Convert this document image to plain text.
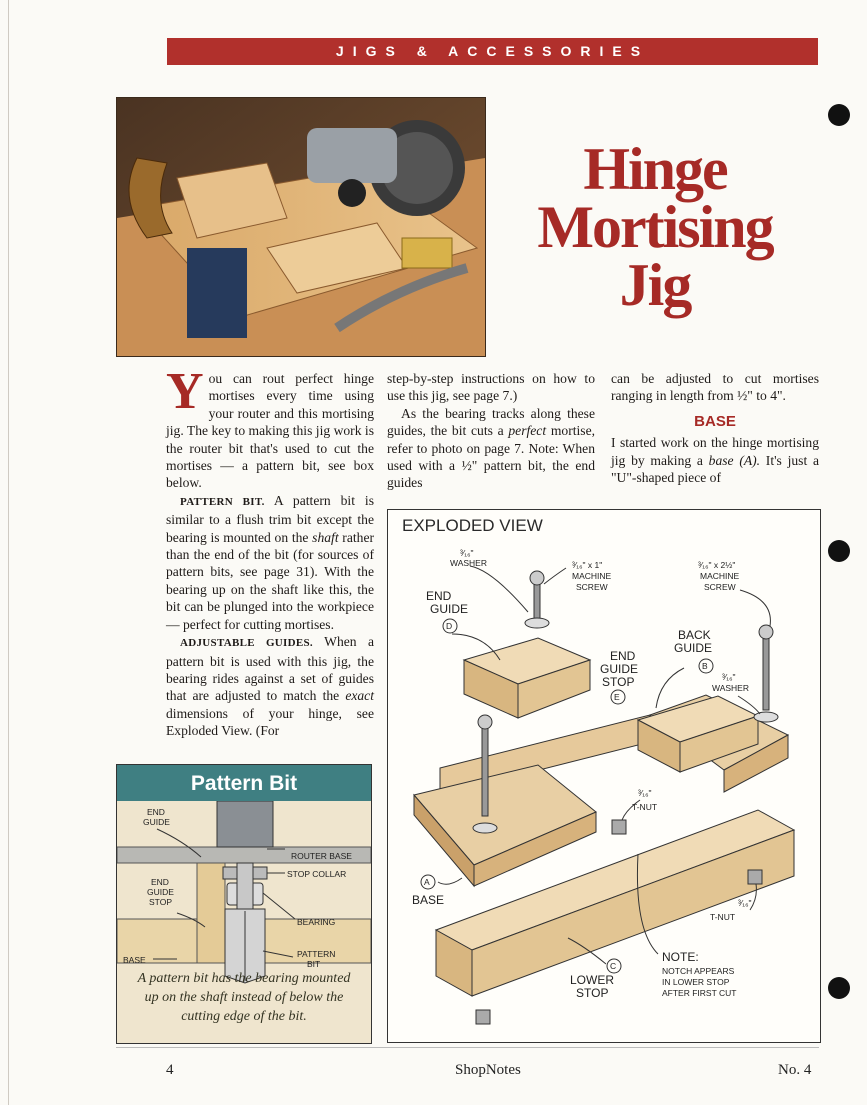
JIGS & ACCESSORIES
Hinge
Mortising
Jig

You can rout perfect hinge mortises every time using your router and this mortising jig. The key to making this jig work is the router bit that's used to cut the mortises — a pattern bit, see box below.

PATTERN BIT. A pattern bit is similar to a flush trim bit except the bearing is mounted on the shaft rather than the end of the bit (for sources of pattern bits, see page 31). With the bearing up on the shaft like this, the bit can be plunged into the workpiece — perfect for cutting mortises.

ADJUSTABLE GUIDES. When a pattern bit is used with this jig, the bearing rides against a set of guides that are adjusted to match the exact dimensions of your hinge, see Exploded View. (For

step-by-step instructions on how to use this jig, see page 7.)

As the bearing tracks along these guides, the bit cuts a perfect mortise, refer to photo on page 7. Note: When used with a ½" pattern bit, the end guides

can be adjusted to cut mortises ranging in length from ½" to 4".

BASE

I started work on the hinge mortising jig by making a base (A). It's just a "U"-shaped piece of

Pattern Bit
END
GUIDE
ROUTER BASE
STOP COLLAR
END
GUIDE
STOP
BEARING
BASE
PATTERN
BIT
A pattern bit has the bearing mounted up on the shaft instead of below the cutting edge of the bit.
EXPLODED VIEW
³⁄₁₆"
WASHER	³⁄₁₆" x 1"
MACHINE
SCREW
³⁄₁₆" x 2½"
MACHINE
SCREW
END
GUIDE
D
END
GUIDE
STOP
E
BACK
GUIDE
B
³⁄₁₆"
WASHER
³⁄₁₆"
T-NUT
³⁄₁₆"
T-NUT
A
BASE
C
LOWER
STOP
NOTE:
NOTCH APPEARS
IN LOWER STOP
AFTER FIRST CUT
4	ShopNotes	No. 4
